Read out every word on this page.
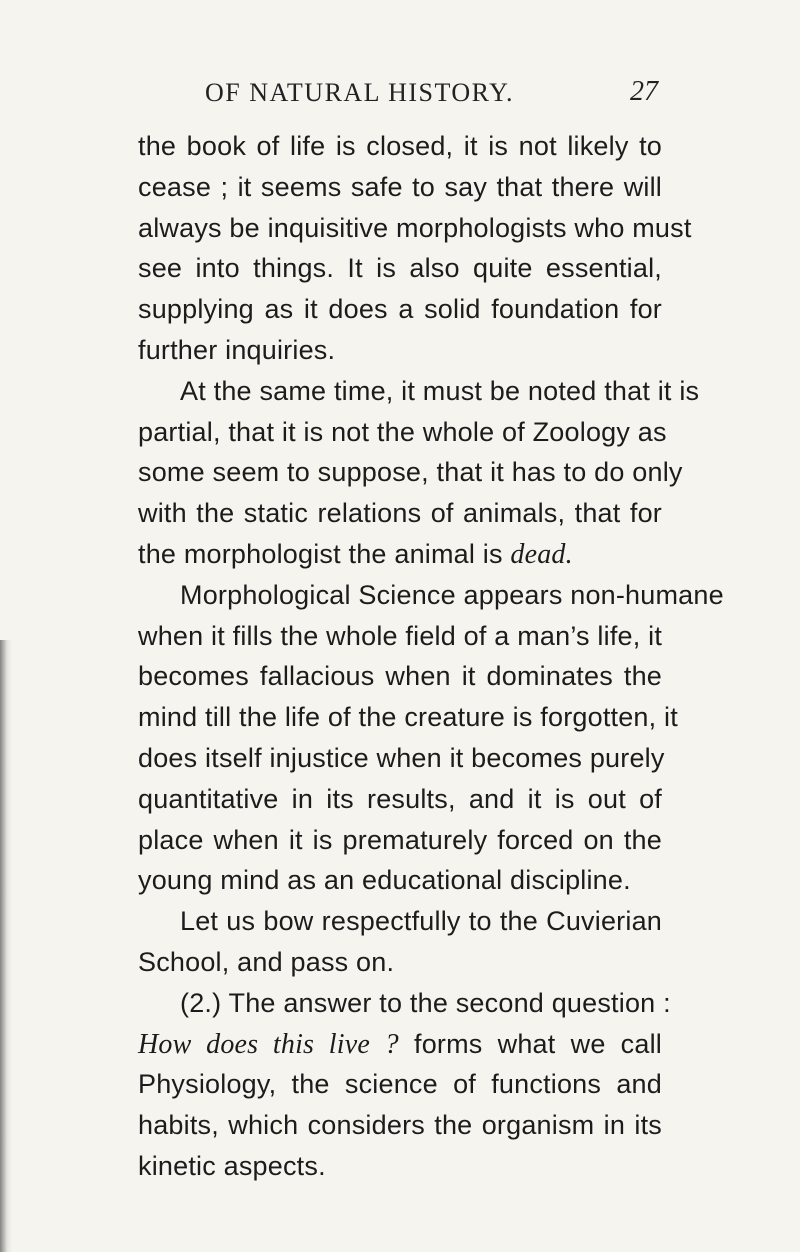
OF NATURAL HISTORY.	27
the book of life is closed, it is not likely to
cease ; it seems safe to say that there will
always be inquisitive morphologists who must
see into things. It is also quite essential,
supplying as it does a solid foundation for
further inquiries.
At the same time, it must be noted that it is
partial, that it is not the whole of Zoology as
some seem to suppose, that it has to do only
with the static relations of animals, that for
the morphologist the animal is dead.
Morphological Science appears non-humane
when it fills the whole field of a man’s life, it
becomes fallacious when it dominates the
mind till the life of the creature is forgotten, it
does itself injustice when it becomes purely
quantitative in its results, and it is out of
place when it is prematurely forced on the
young mind as an educational discipline.
Let us bow respectfully to the Cuvierian
School, and pass on.
(2.) The answer to the second question :
How does this live ? forms what we call
Physiology, the science of functions and
habits, which considers the organism in its
kinetic aspects.
